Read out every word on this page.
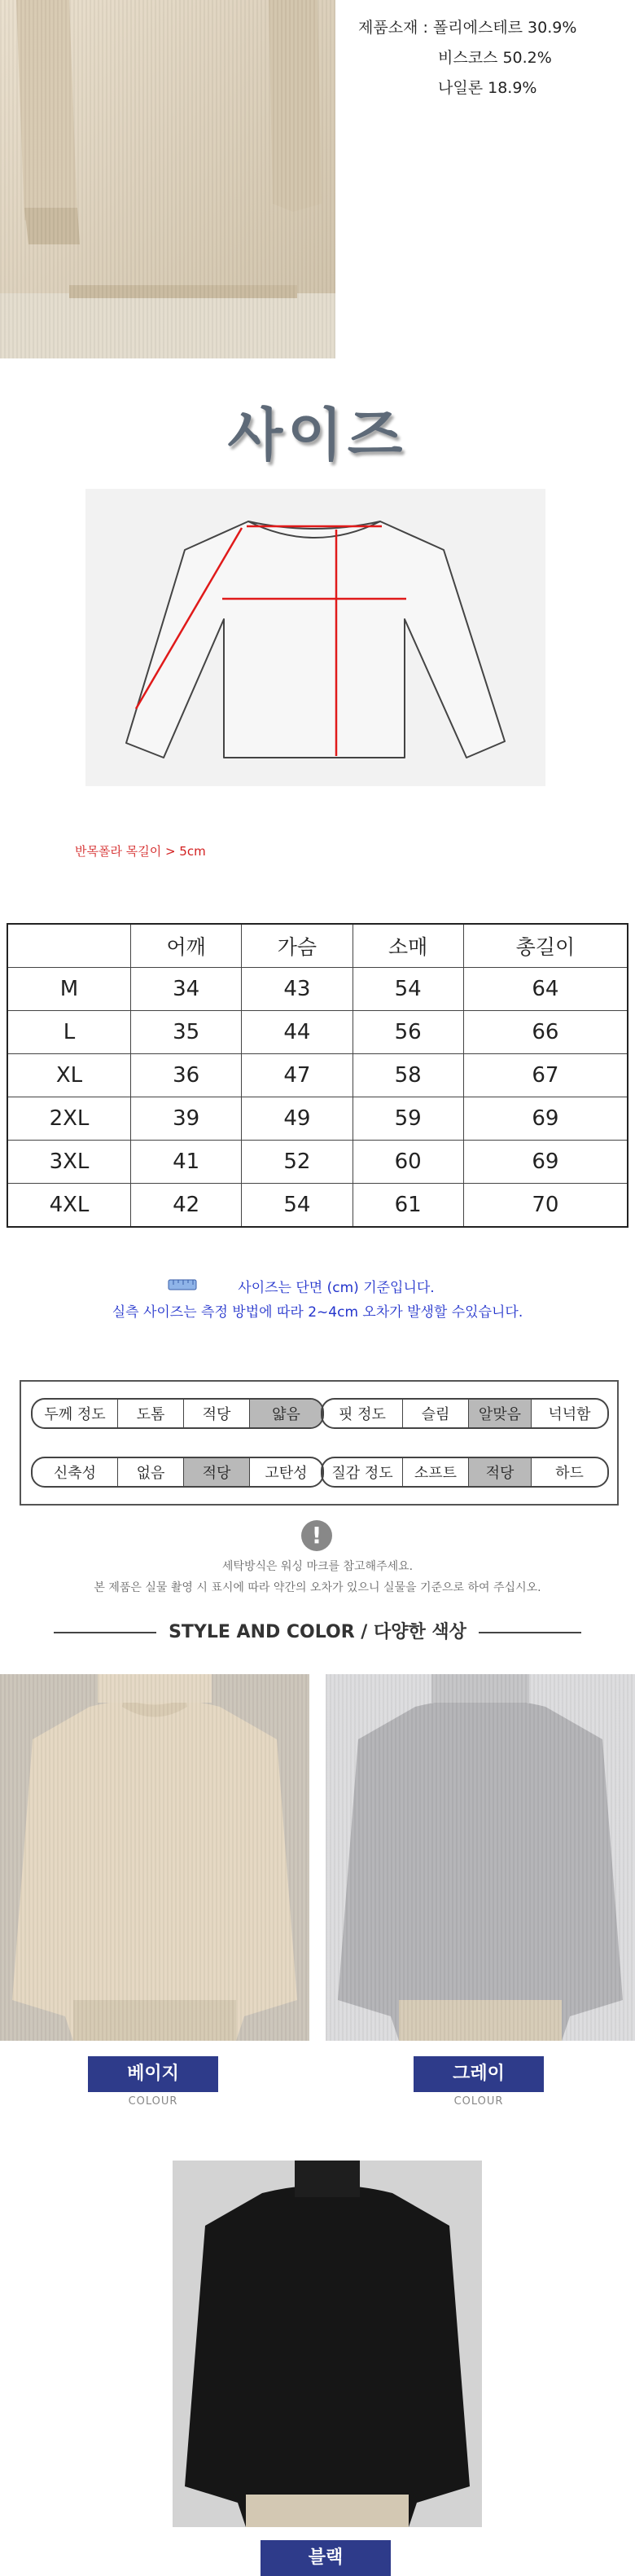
제품소재 : 폴리에스테르 30.9%
비스코스 50.2%
나일론 18.9%
사이즈
반목폴라 목길이 > 5cm
	어깨	가슴	소매	총길이
M	34	43	54	64
L	35	44	56	66
XL	36	47	58	67
2XL	39	49	59	69
3XL	41	52	60	69
4XL	42	54	61	70
사이즈는 단면 (cm) 기준입니다.
실측 사이즈는 측정 방법에 따라 2~4cm 오차가 발생할 수있습니다.
두께 정도	도톰	적당	얇음	핏 정도	슬림	알맞음	넉넉함
신축성	없음	적당	고탄성	질감 정도	소프트	적당	하드
!
세탁방식은 워싱 마크를 참고해주세요.
본 제품은 실물 촬영 시 표시에 따라 약간의 오차가 있으니 실물을 기준으로 하여 주십시오.
STYLE AND COLOR / 다양한 색상
베이지
COLOUR
그레이
COLOUR
블랙
